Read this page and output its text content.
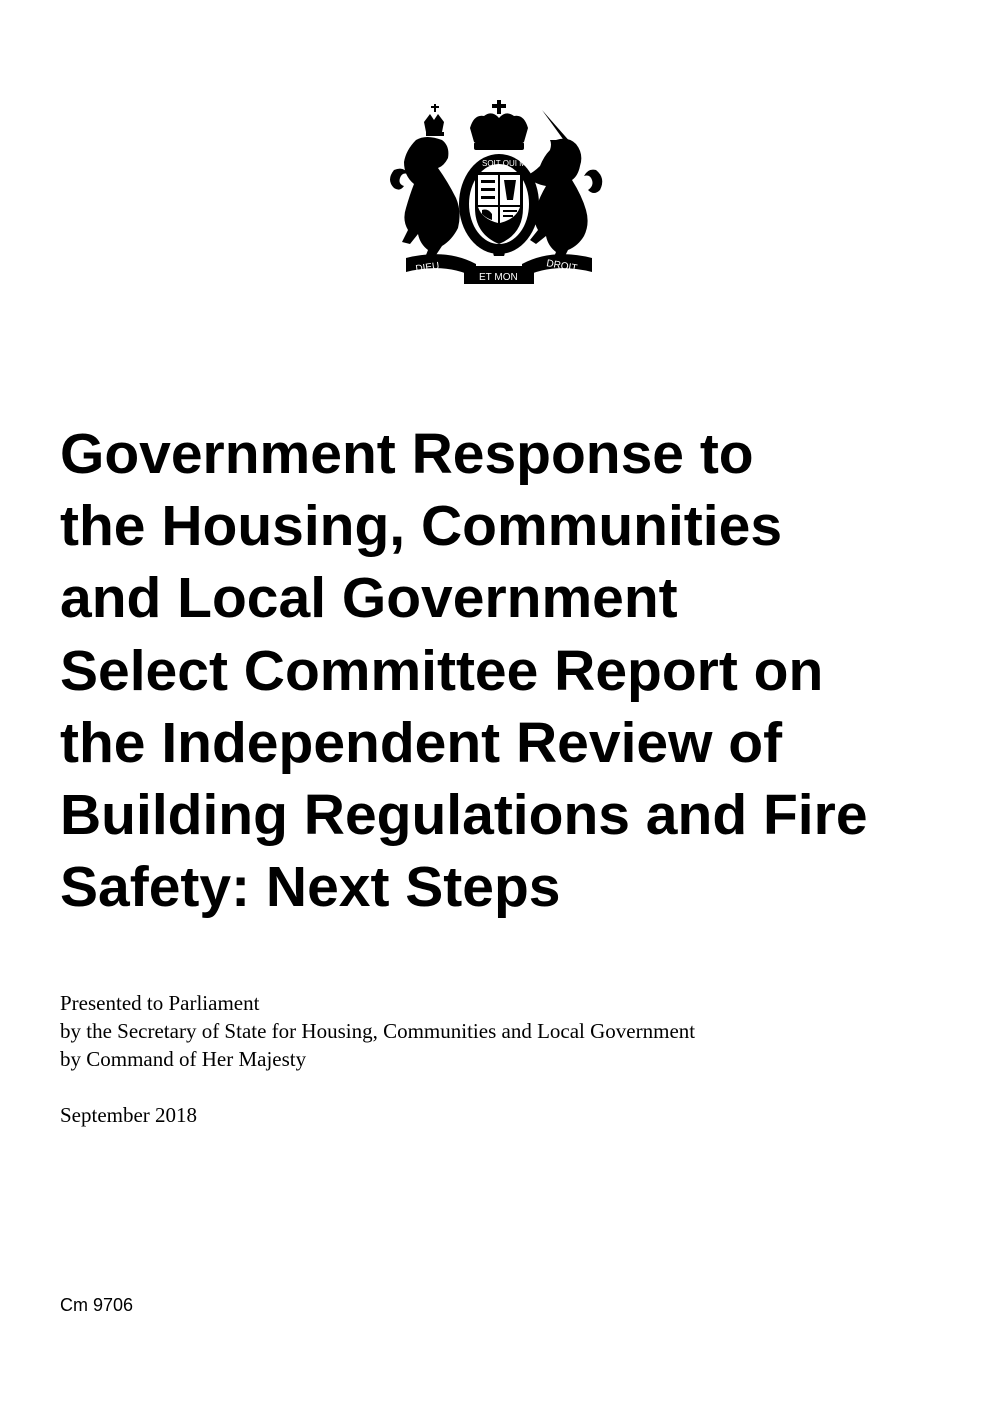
SOIT QUI MAL
DIEU
ET MON
DROIT
Government Response to
the Housing, Communities
and Local Government
Select Committee Report on
the Independent Review of
Building Regulations and Fire
Safety: Next Steps
Presented to Parliament
by the Secretary of State for Housing, Communities and Local Government
by Command of Her Majesty
September 2018
Cm 9706
